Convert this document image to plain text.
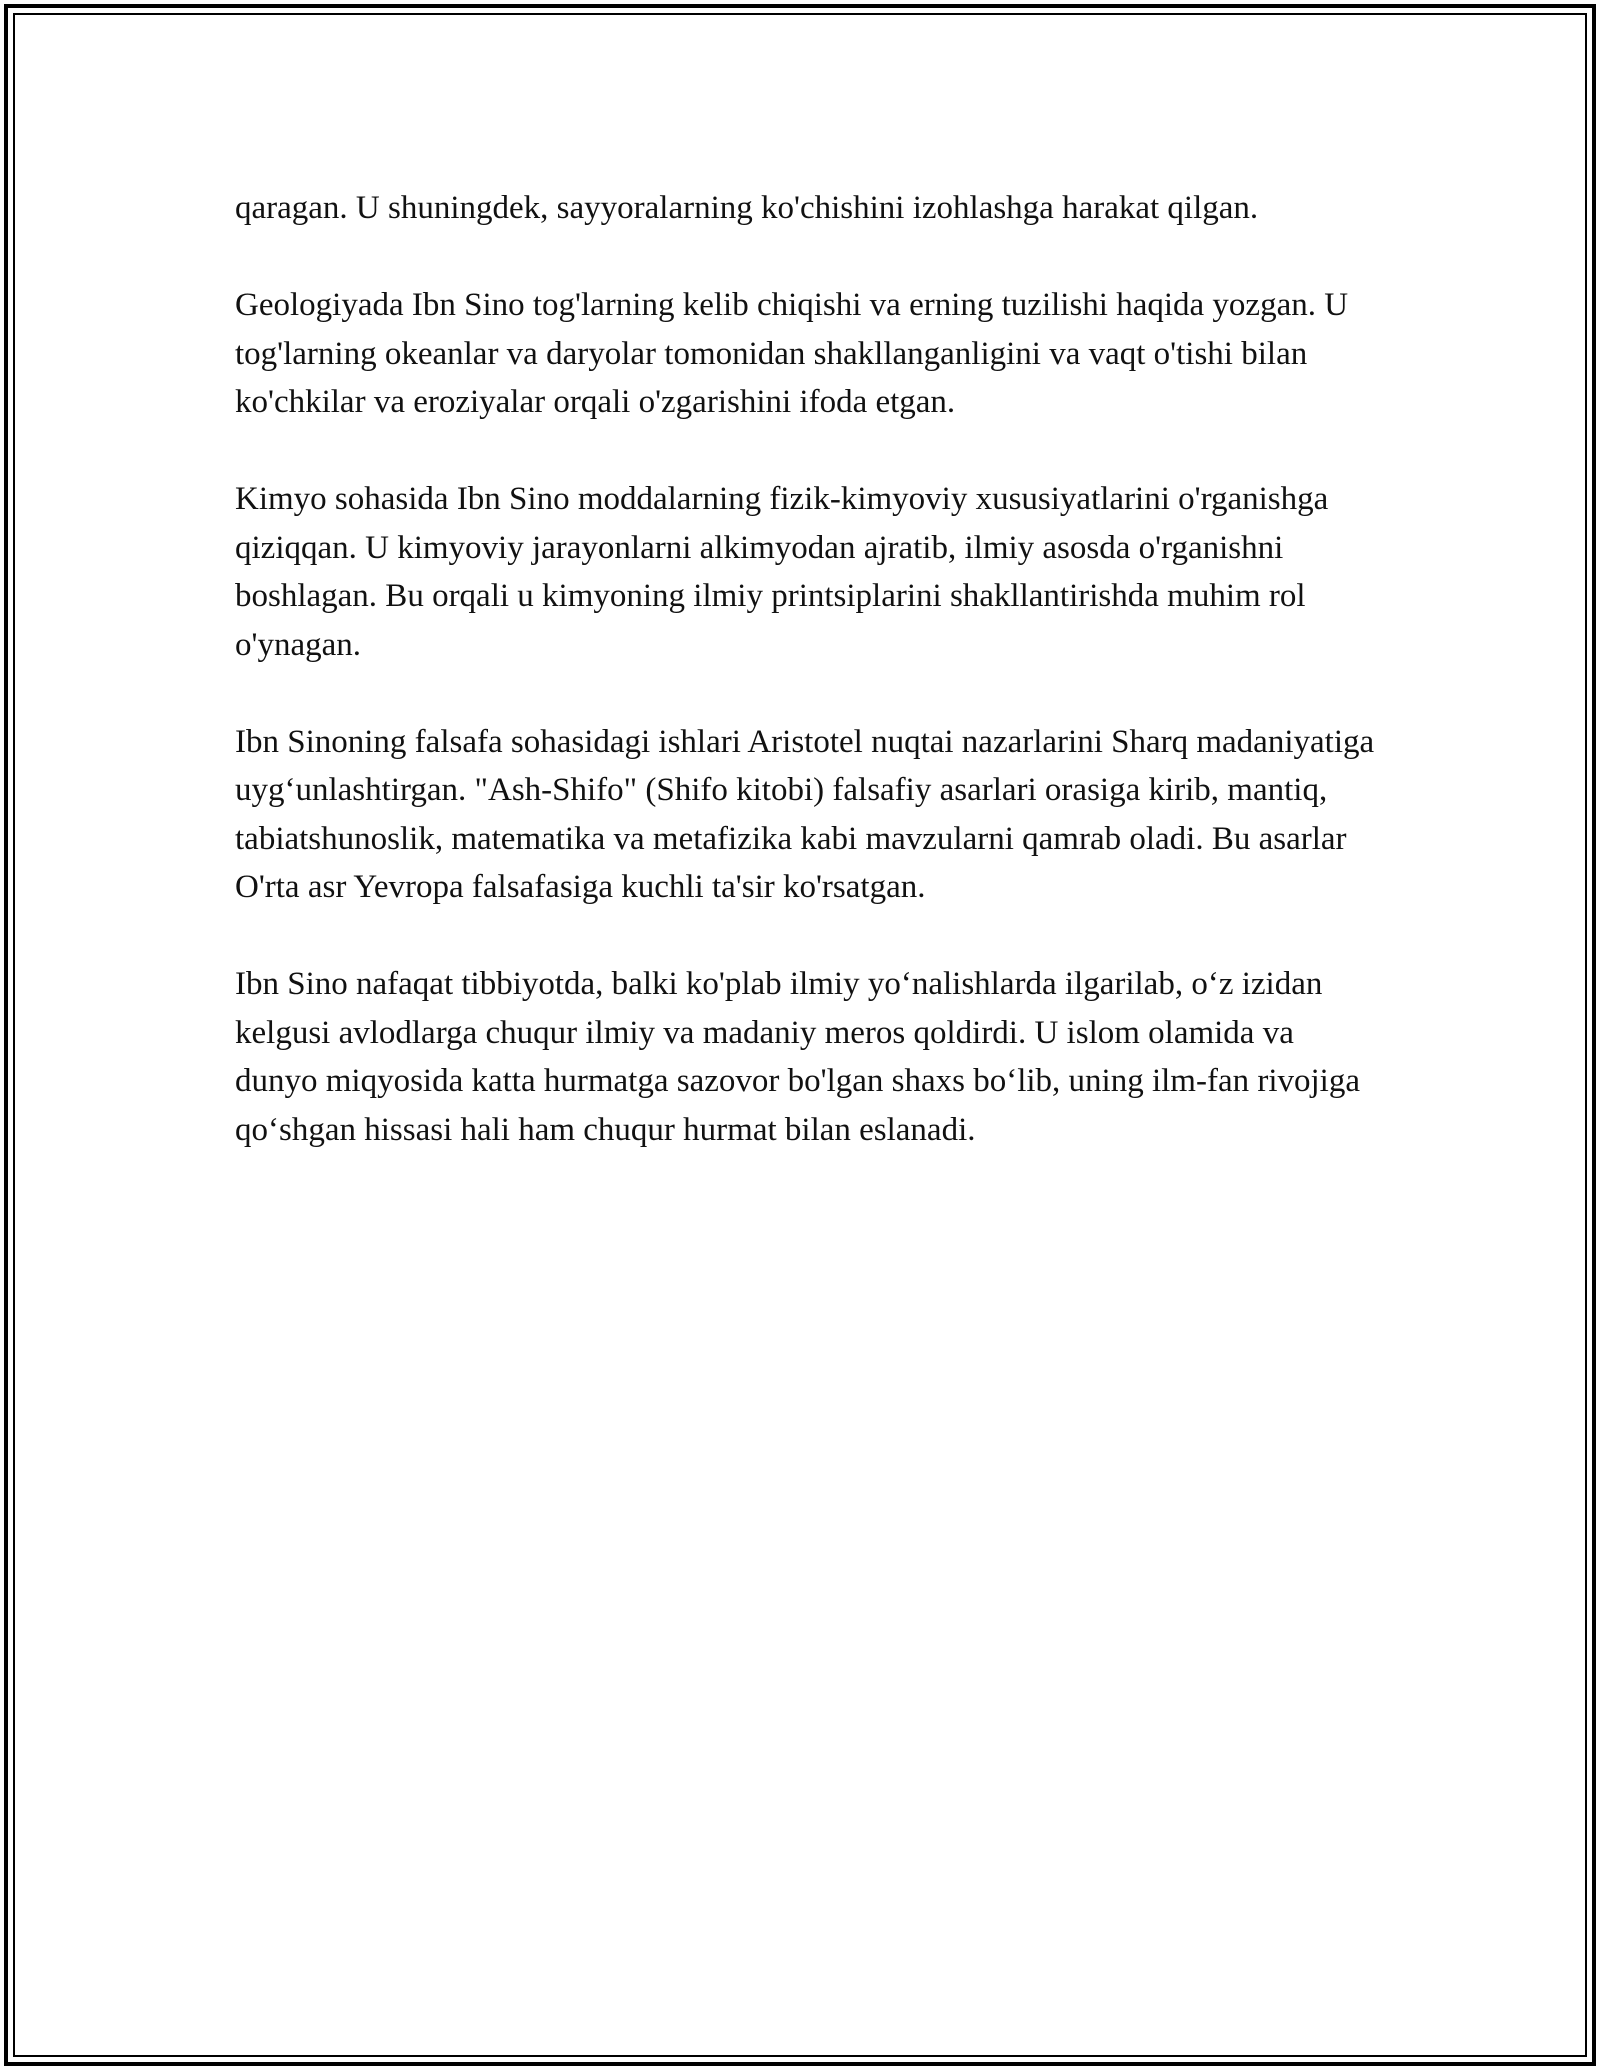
qaragan. U shuningdek, sayyoralarning ko'chishini izohlashga harakat qilgan.

Geologiyada Ibn Sino tog'larning kelib chiqishi va erning tuzilishi haqida yozgan. U tog'larning okeanlar va daryolar tomonidan shakllanganligini va vaqt o'tishi bilan ko'chkilar va eroziyalar orqali o'zgarishini ifoda etgan.

Kimyo sohasida Ibn Sino moddalarning fizik-kimyoviy xususiyatlarini o'rganishga qiziqqan. U kimyoviy jarayonlarni alkimyodan ajratib, ilmiy asosda o'rganishni boshlagan. Bu orqali u kimyoning ilmiy printsiplarini shakllantirishda muhim rol o'ynagan.

Ibn Sinoning falsafa sohasidagi ishlari Aristotel nuqtai nazarlarini Sharq madaniyatiga uyg‘unlashtirgan. "Ash-Shifo" (Shifo kitobi) falsafiy asarlari orasiga kirib, mantiq, tabiatshunoslik, matematika va metafizika kabi mavzularni qamrab oladi. Bu asarlar O'rta asr Yevropa falsafasiga kuchli ta'sir ko'rsatgan.

Ibn Sino nafaqat tibbiyotda, balki ko'plab ilmiy yo‘nalishlarda ilgarilab, o‘z izidan kelgusi avlodlarga chuqur ilmiy va madaniy meros qoldirdi. U islom olamida va dunyo miqyosida katta hurmatga sazovor bo'lgan shaxs bo‘lib, uning ilm-fan rivojiga qo‘shgan hissasi hali ham chuqur hurmat bilan eslanadi.
